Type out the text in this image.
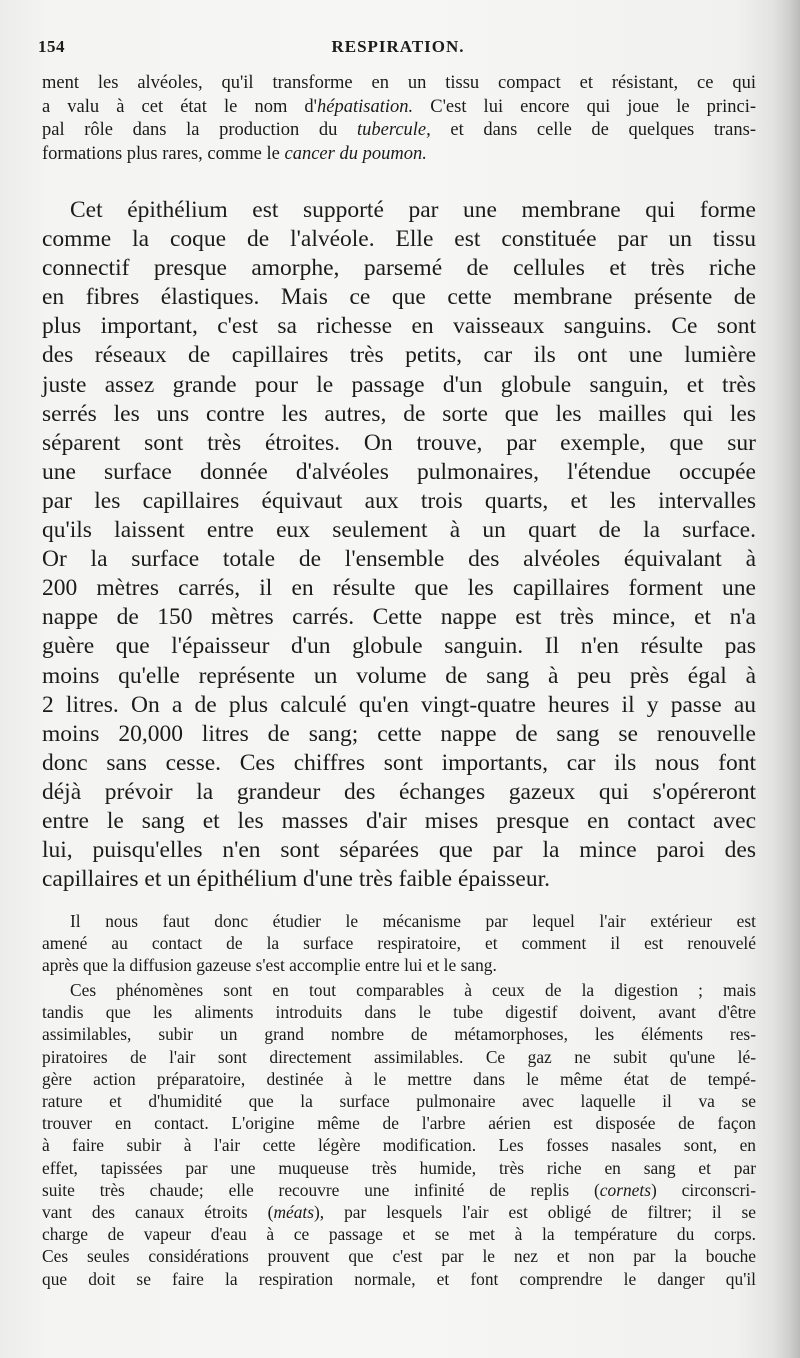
154	RESPIRATION.
ment les alvéoles, qu'il transforme en un tissu compact et résistant, ce qui
a valu à cet état le nom d'hépatisation. C'est lui encore qui joue le princi-
pal rôle dans la production du tubercule, et dans celle de quelques trans-
formations plus rares, comme le cancer du poumon.
Cet épithélium est supporté par une membrane qui forme
comme la coque de l'alvéole. Elle est constituée par un tissu
connectif presque amorphe, parsemé de cellules et très riche
en fibres élastiques. Mais ce que cette membrane présente de
plus important, c'est sa richesse en vaisseaux sanguins. Ce sont
des réseaux de capillaires très petits, car ils ont une lumière
juste assez grande pour le passage d'un globule sanguin, et très
serrés les uns contre les autres, de sorte que les mailles qui les
séparent sont très étroites. On trouve, par exemple, que sur
une surface donnée d'alvéoles pulmonaires, l'étendue occupée
par les capillaires équivaut aux trois quarts, et les intervalles
qu'ils laissent entre eux seulement à un quart de la surface.
Or la surface totale de l'ensemble des alvéoles équivalant à
200 mètres carrés, il en résulte que les capillaires forment une
nappe de 150 mètres carrés. Cette nappe est très mince, et n'a
guère que l'épaisseur d'un globule sanguin. Il n'en résulte pas
moins qu'elle représente un volume de sang à peu près égal à
2 litres. On a de plus calculé qu'en vingt-quatre heures il y passe au
moins 20,000 litres de sang; cette nappe de sang se renouvelle
donc sans cesse. Ces chiffres sont importants, car ils nous font
déjà prévoir la grandeur des échanges gazeux qui s'opéreront
entre le sang et les masses d'air mises presque en contact avec
lui, puisqu'elles n'en sont séparées que par la mince paroi des
capillaires et un épithélium d'une très faible épaisseur.
Il nous faut donc étudier le mécanisme par lequel l'air extérieur est
amené au contact de la surface respiratoire, et comment il est renouvelé
après que la diffusion gazeuse s'est accomplie entre lui et le sang.
Ces phénomènes sont en tout comparables à ceux de la digestion ; mais
tandis que les aliments introduits dans le tube digestif doivent, avant d'être
assimilables, subir un grand nombre de métamorphoses, les éléments res-
piratoires de l'air sont directement assimilables. Ce gaz ne subit qu'une lé-
gère action préparatoire, destinée à le mettre dans le même état de tempé-
rature et d'humidité que la surface pulmonaire avec laquelle il va se
trouver en contact. L'origine même de l'arbre aérien est disposée de façon
à faire subir à l'air cette légère modification. Les fosses nasales sont, en
effet, tapissées par une muqueuse très humide, très riche en sang et par
suite très chaude; elle recouvre une infinité de replis (cornets) circonscri-
vant des canaux étroits (méats), par lesquels l'air est obligé de filtrer; il se
charge de vapeur d'eau à ce passage et se met à la température du corps.
Ces seules considérations prouvent que c'est par le nez et non par la bouche
que doit se faire la respiration normale, et font comprendre le danger qu'il
